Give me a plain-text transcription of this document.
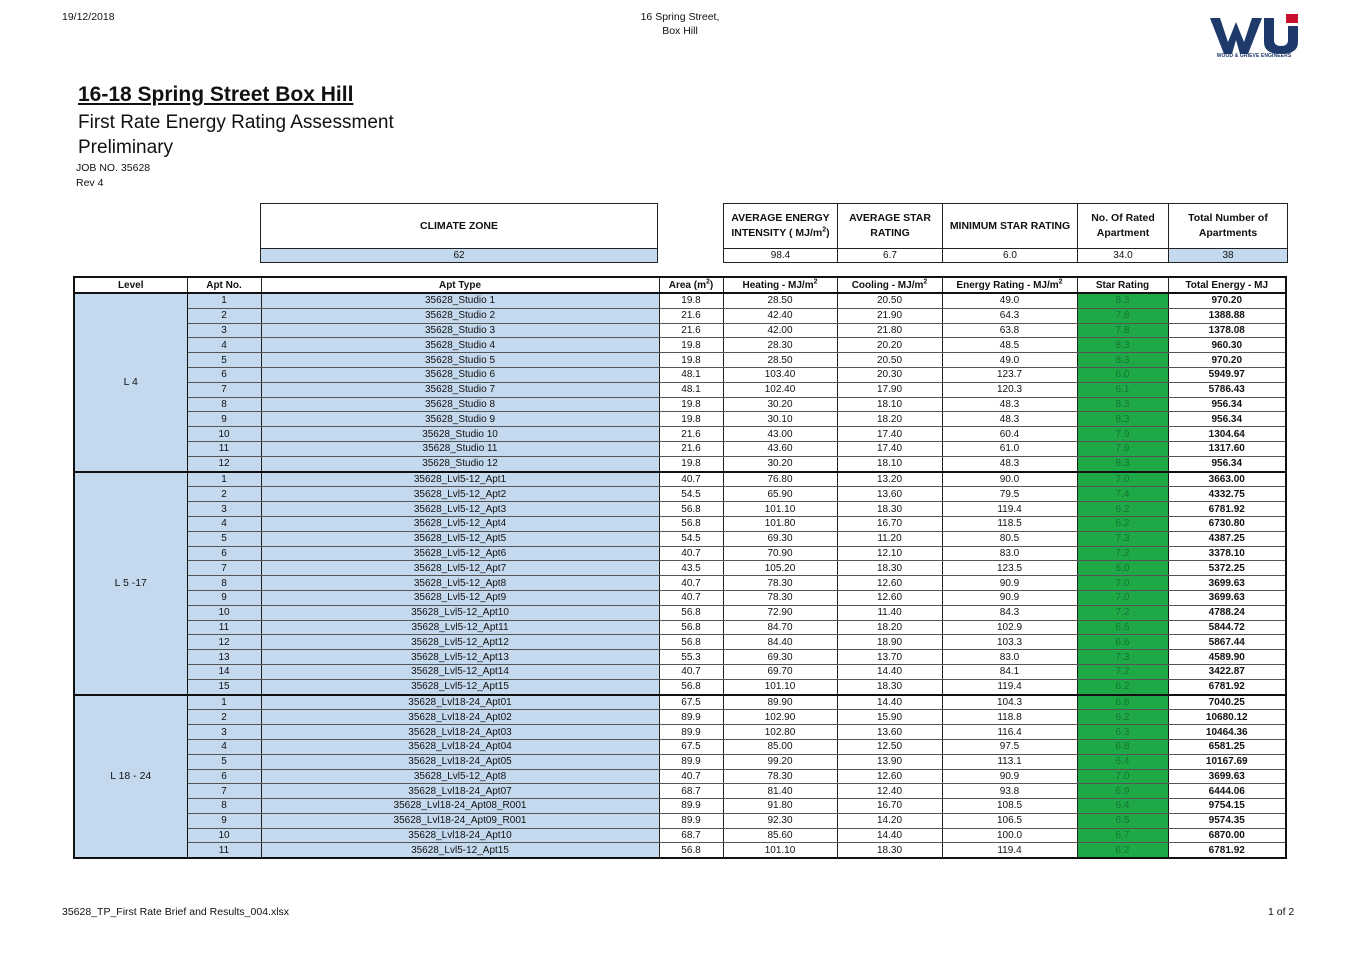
19/12/2018	16 Spring Street,
Box Hill
WOOD & GRIEVE ENGINEERS
16-18 Spring Street Box Hill
First Rate Energy Rating Assessment
Preliminary
JOB NO. 35628
Rev 4
CLIMATE ZONE
62
AVERAGE ENERGY
INTENSITY ( $MJ/m^2$)	AVERAGE STAR RATING	MINIMUM STAR RATING	No. Of Rated Apartment	Total Number of Apartments
98.4	6.7	6.0	34.0	38
Level	Apt No.	Apt Type	Area $(m^2)$	Heating - $MJ/m^2$	Cooling - $MJ/m^2$	Energy Rating - $MJ/m^2$	Star Rating	Total Energy - MJ
L 4	1	35628_Studio 1	19.8	28.50	20.50	49.0	8.3	970.20
	2	35628_Studio 2	21.6	42.40	21.90	64.3	7.8	1388.88
	3	35628_Studio 3	21.6	42.00	21.80	63.8	7.8	1378.08
	4	35628_Studio 4	19.8	28.30	20.20	48.5	8.3	960.30
	5	35628_Studio 5	19.8	28.50	20.50	49.0	8.3	970.20
	6	35628_Studio 6	48.1	103.40	20.30	123.7	6.0	5949.97
	7	35628_Studio 7	48.1	102.40	17.90	120.3	6.1	5786.43
	8	35628_Studio 8	19.8	30.20	18.10	48.3	8.3	956.34
	9	35628_Studio 9	19.8	30.10	18.20	48.3	8.3	956.34
	10	35628_Studio 10	21.6	43.00	17.40	60.4	7.9	1304.64
	11	35628_Studio 11	21.6	43.60	17.40	61.0	7.9	1317.60
	12	35628_Studio 12	19.8	30.20	18.10	48.3	8.3	956.34
L 5 -17	1	35628_Lvl5-12_Apt1	40.7	76.80	13.20	90.0	7.0	3663.00
	2	35628_Lvl5-12_Apt2	54.5	65.90	13.60	79.5	7.4	4332.75
	3	35628_Lvl5-12_Apt3	56.8	101.10	18.30	119.4	6.2	6781.92
	4	35628_Lvl5-12_Apt4	56.8	101.80	16.70	118.5	6.2	6730.80
	5	35628_Lvl5-12_Apt5	54.5	69.30	11.20	80.5	7.3	4387.25
	6	35628_Lvl5-12_Apt6	40.7	70.90	12.10	83.0	7.2	3378.10
	7	35628_Lvl5-12_Apt7	43.5	105.20	18.30	123.5	6.0	5372.25
	8	35628_Lvl5-12_Apt8	40.7	78.30	12.60	90.9	7.0	3699.63
	9	35628_Lvl5-12_Apt9	40.7	78.30	12.60	90.9	7.0	3699.63
	10	35628_Lvl5-12_Apt10	56.8	72.90	11.40	84.3	7.2	4788.24
	11	35628_Lvl5-12_Apt11	56.8	84.70	18.20	102.9	6.6	5844.72
	12	35628_Lvl5-12_Apt12	56.8	84.40	18.90	103.3	6.6	5867.44
	13	35628_Lvl5-12_Apt13	55.3	69.30	13.70	83.0	7.3	4589.90
	14	35628_Lvl5-12_Apt14	40.7	69.70	14.40	84.1	7.2	3422.87
	15	35628_Lvl5-12_Apt15	56.8	101.10	18.30	119.4	6.2	6781.92
L 18 - 24	1	35628_Lvl18-24_Apt01	67.5	89.90	14.40	104.3	6.6	7040.25
	2	35628_Lvl18-24_Apt02	89.9	102.90	15.90	118.8	6.2	10680.12
	3	35628_Lvl18-24_Apt03	89.9	102.80	13.60	116.4	6.3	10464.36
	4	35628_Lvl18-24_Apt04	67.5	85.00	12.50	97.5	6.8	6581.25
	5	35628_Lvl18-24_Apt05	89.9	99.20	13.90	113.1	6.4	10167.69
	6	35628_Lvl5-12_Apt8	40.7	78.30	12.60	90.9	7.0	3699.63
	7	35628_Lvl18-24_Apt07	68.7	81.40	12.40	93.8	6.9	6444.06
	8	35628_Lvl18-24_Apt08_R001	89.9	91.80	16.70	108.5	6.4	9754.15
	9	35628_Lvl18-24_Apt09_R001	89.9	92.30	14.20	106.5	6.5	9574.35
	10	35628_Lvl18-24_Apt10	68.7	85.60	14.40	100.0	6.7	6870.00
	11	35628_Lvl5-12_Apt15	56.8	101.10	18.30	119.4	6.2	6781.92
35628_TP_First Rate Brief and Results_004.xlsx	1 of 2
